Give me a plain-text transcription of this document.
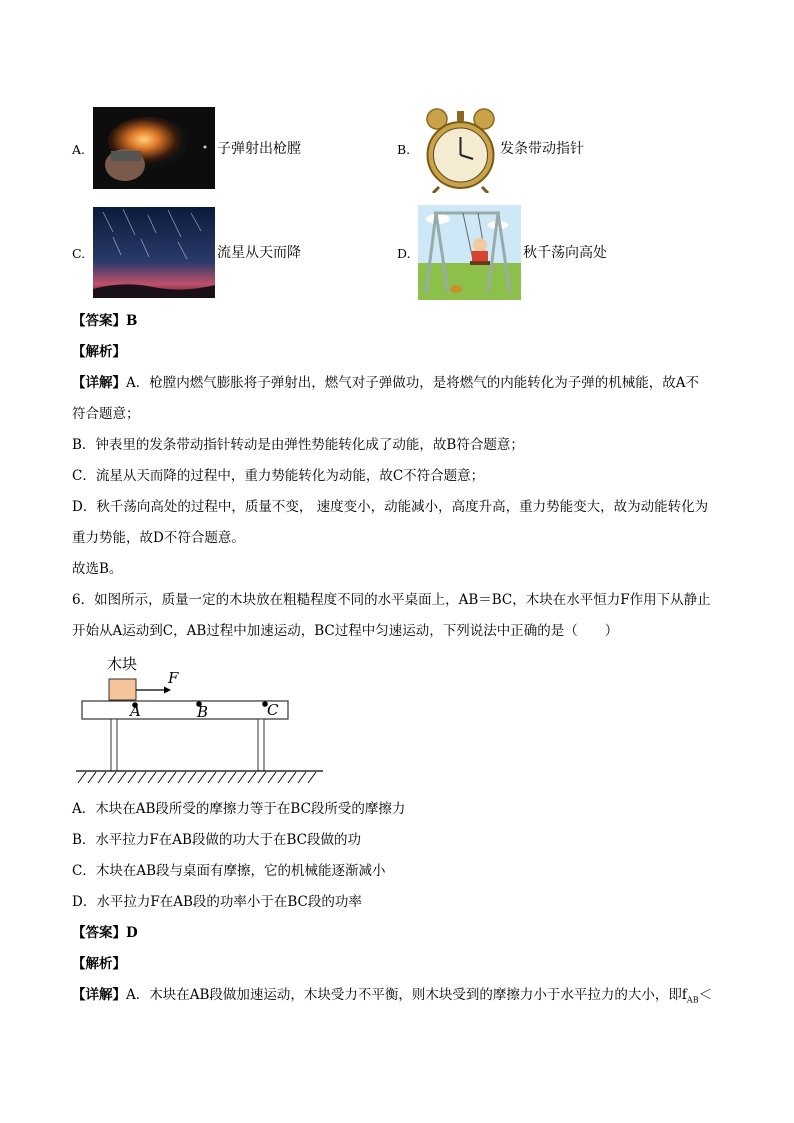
A.	子弹射出枪膛	B.	发条带动指针
C.	流星从天而降	D.	秋千荡向高处
【答案】B
【解析】
【详解】A．枪膛内燃气膨胀将子弹射出，燃气对子弹做功，是将燃气的内能转化为子弹的机械能，故A不
符合题意；
B．钟表里的发条带动指针转动是由弹性势能转化成了动能，故B符合题意；
C．流星从天而降的过程中，重力势能转化为动能，故C不符合题意；
D．秋千荡向高处的过程中，质量不变， 速度变小，动能减小，高度升高，重力势能变大，故为动能转化为
重力势能，故D不符合题意。
故选B。
6．如图所示，质量一定的木块放在粗糙程度不同的水平桌面上，AB＝BC，木块在水平恒力F作用下从静止
开始从A运动到C，AB过程中加速运动，BC过程中匀速运动，下列说法中正确的是（　　）
木块
F
A	B	C
A．木块在AB段所受的摩擦力等于在BC段所受的摩擦力
B．水平拉力F在AB段做的功大于在BC段做的功
C．木块在AB段与桌面有摩擦，它的机械能逐渐减小
D．水平拉力F在AB段的功率小于在BC段的功率
【答案】D
【解析】
【详解】A．木块在AB段做加速运动，木块受力不平衡，则木块受到的摩擦力小于水平拉力的大小，即$f_{AB}<$
